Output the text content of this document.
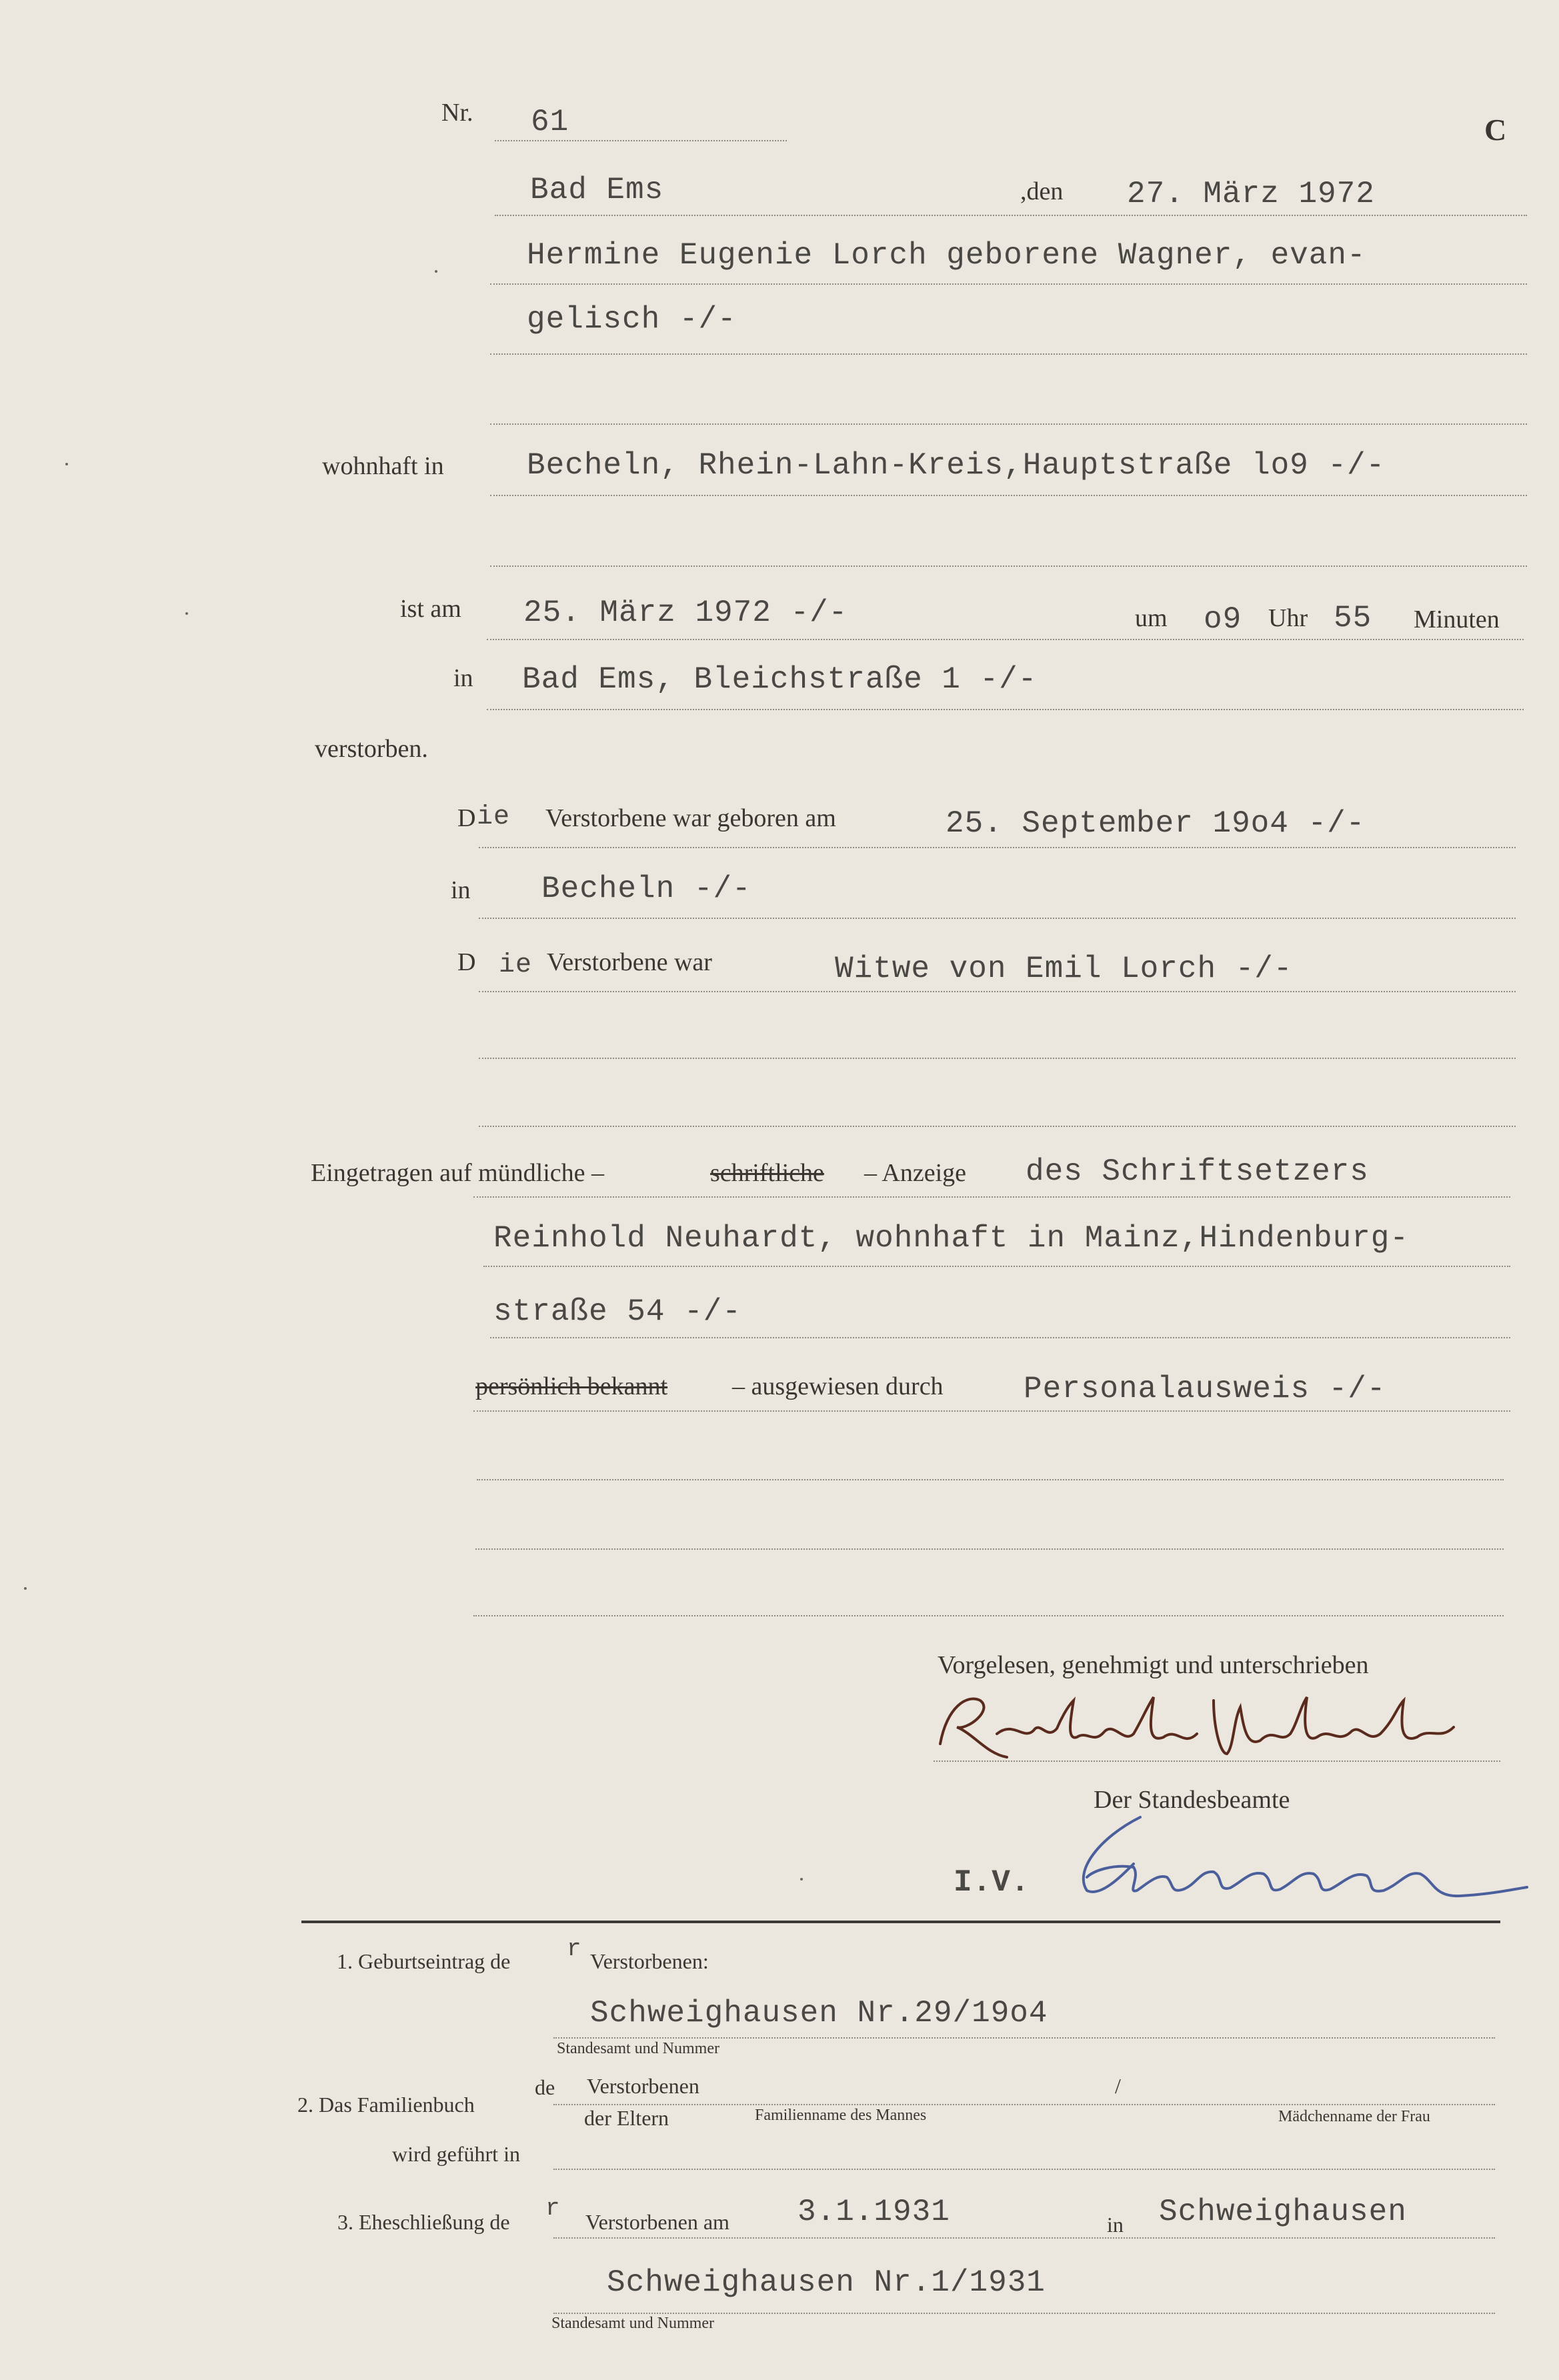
Nr. 61	C
Bad Ems	,den 27. März 1972
Hermine Eugenie Lorch geborene Wagner, evan-
gelisch -/-
wohnhaft in	Becheln, Rhein-Lahn-Kreis,Hauptstraße lo9 -/-
ist am 25. März 1972 -/-	um o9 Uhr 55 Minuten
in Bad Ems, Bleichstraße 1 -/-
verstorben.
D ie Verstorbene war geboren am	25. September 19o4 -/-
in Becheln -/-
D ie Verstorbene war	Witwe von Emil Lorch -/-
Eingetragen auf mündliche –	schriftliche – Anzeige des Schriftsetzers
Reinhold Neuhardt, wohnhaft in Mainz,Hindenburg-
straße 54 -/-
persönlich bekannt	– ausgewiesen durch	Personalausweis -/-
Vorgelesen, genehmigt und unterschrieben
Der Standesbeamte
I.V.
1. Geburtseintrag de r Verstorbenen:
Schweighausen Nr.29/19o4
Standesamt und Nummer
2. Das Familienbuch
de Verstorbenen	/
der Eltern	Familienname des Mannes	Mädchenname der Frau
wird geführt in
3. Eheschließung de r Verstorbenen am 3.1.1931	in Schweighausen
Schweighausen Nr.1/1931
Standesamt und Nummer
